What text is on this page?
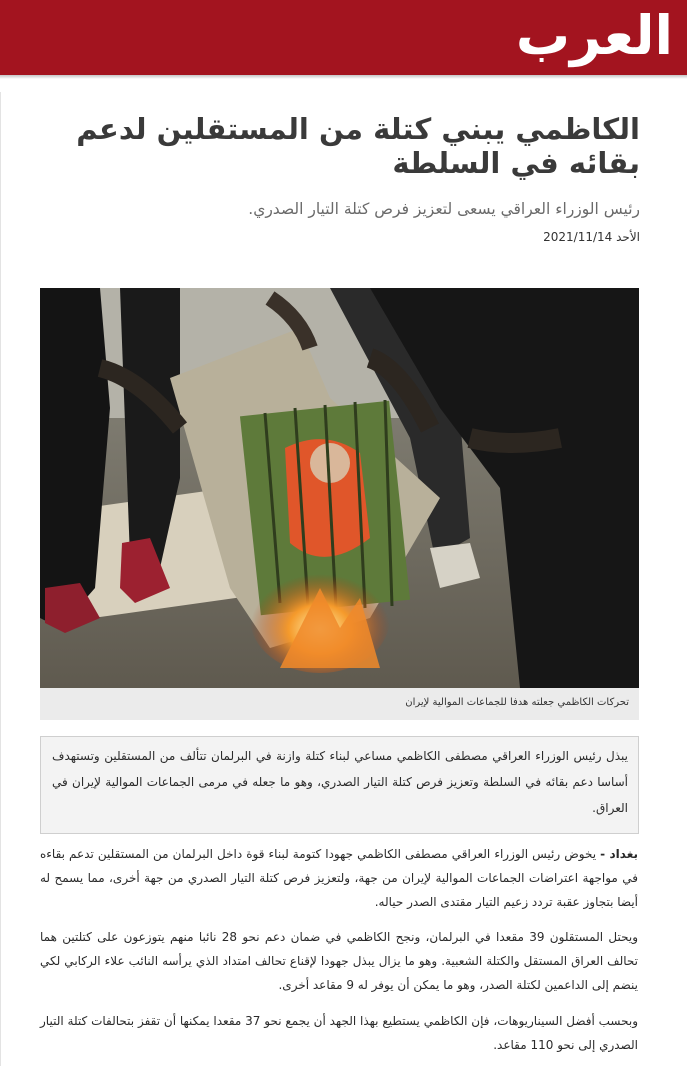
العرب
الكاظمي يبني كتلة من المستقلين لدعم بقائه في السلطة
رئيس الوزراء العراقي يسعى لتعزيز فرص كتلة التيار الصدري.
الأحد 2021/11/14
تحركات الكاظمي جعلته هدفا للجماعات الموالية لإيران

يبذل رئيس الوزراء العراقي مصطفى الكاظمي مساعي لبناء كتلة وازنة في البرلمان تتألف من المستقلين وتستهدف أساسا دعم بقائه في السلطة وتعزيز فرص كتلة التيار الصدري، وهو ما جعله في مرمى الجماعات الموالية لإيران في العراق.

بغداد - يخوض رئيس الوزراء العراقي مصطفى الكاظمي جهودا كتومة لبناء قوة داخل البرلمان من المستقلين تدعم بقاءه في مواجهة اعتراضات الجماعات الموالية لإيران من جهة، ولتعزيز فرص كتلة التيار الصدري من جهة أخرى، مما يسمح له أيضا بتجاوز عقبة تردد زعيم التيار مقتدى الصدر حياله.

ويحتل المستقلون 39 مقعدا في البرلمان، ونجح الكاظمي في ضمان دعم نحو 28 نائبا منهم يتوزعون على كتلتين هما تحالف العراق المستقل والكتلة الشعبية. وهو ما يزال يبذل جهودا لإقناع تحالف امتداد الذي يرأسه النائب علاء الركابي لكي ينضم إلى الداعمين لكتلة الصدر، وهو ما يمكن أن يوفر له 9 مقاعد أخرى.

وبحسب أفضل السيناريوهات، فإن الكاظمي يستطيع بهذا الجهد أن يجمع نحو 37 مقعدا يمكنها أن تقفز بتحالفات كتلة التيار الصدري إلى نحو 110 مقاعد.
